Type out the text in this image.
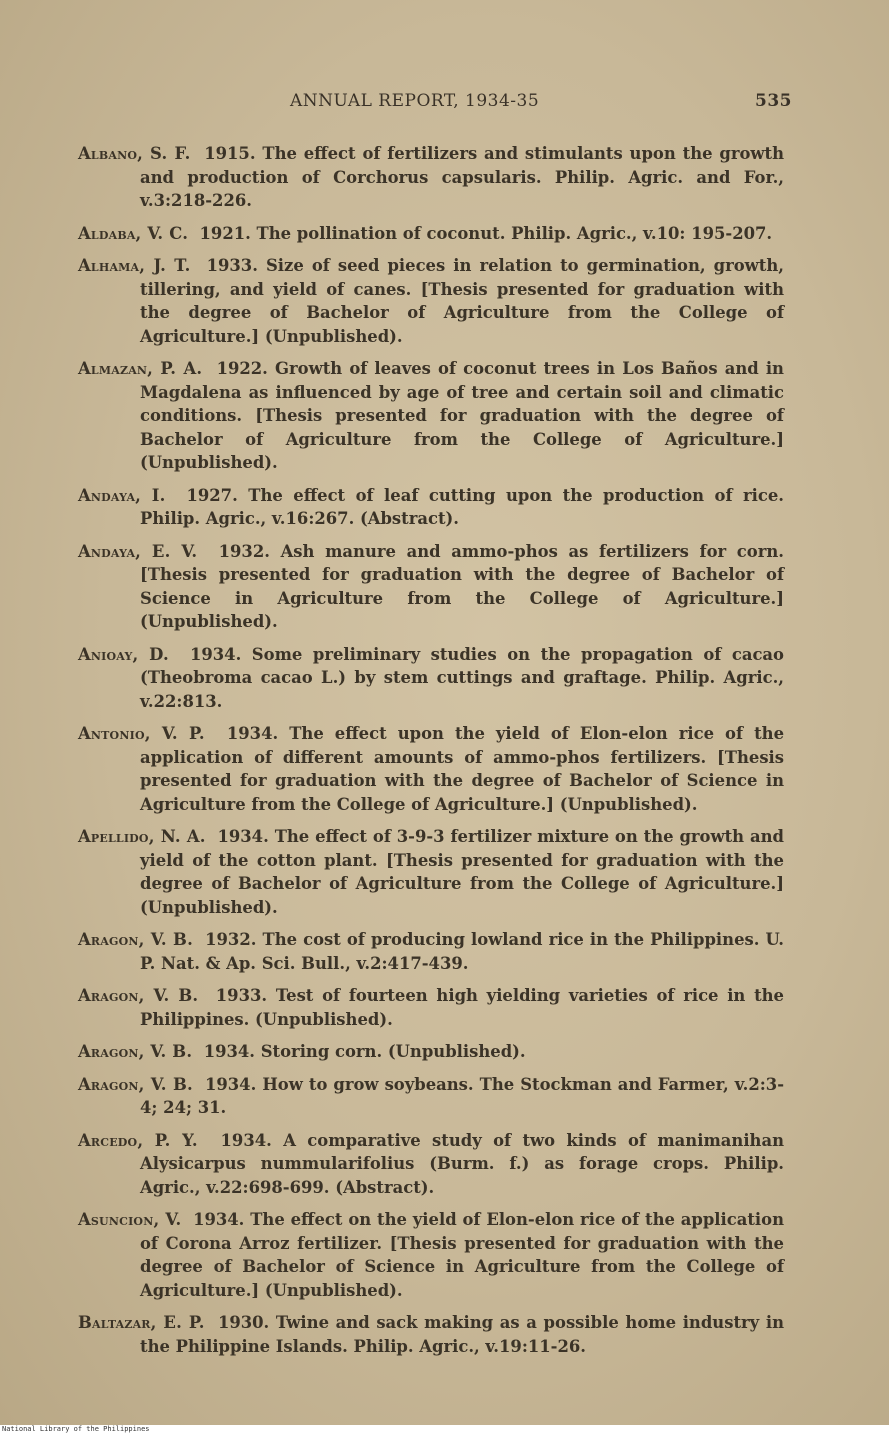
ANNUAL REPORT, 1934-35	535

Albano, S. F. 1915. The effect of fertilizers and stimulants upon the growth and production of Corchorus capsularis. Philip. Agric. and For., v.3:218-226.

Aldaba, V. C. 1921. The pollination of coconut. Philip. Agric., v.10: 195-207.

Alhama, J. T. 1933. Size of seed pieces in relation to germination, growth, tillering, and yield of canes. [Thesis presented for graduation with the degree of Bachelor of Agriculture from the College of Agriculture.] (Unpublished).

Almazan, P. A. 1922. Growth of leaves of coconut trees in Los Baños and in Magdalena as influenced by age of tree and certain soil and climatic conditions. [Thesis presented for graduation with the degree of Bachelor of Agriculture from the College of Agriculture.] (Unpublished).

Andaya, I. 1927. The effect of leaf cutting upon the production of rice. Philip. Agric., v.16:267. (Abstract).

Andaya, E. V. 1932. Ash manure and ammo-phos as fertilizers for corn. [Thesis presented for graduation with the degree of Bachelor of Science in Agriculture from the College of Agriculture.] (Unpublished).

Anioay, D. 1934. Some preliminary studies on the propagation of cacao (Theobroma cacao L.) by stem cuttings and graftage. Philip. Agric., v.22:813.

Antonio, V. P. 1934. The effect upon the yield of Elon-elon rice of the application of different amounts of ammo-phos fertilizers. [Thesis presented for graduation with the degree of Bachelor of Science in Agriculture from the College of Agriculture.] (Unpublished).

Apellido, N. A. 1934. The effect of 3-9-3 fertilizer mixture on the growth and yield of the cotton plant. [Thesis presented for graduation with the degree of Bachelor of Agriculture from the College of Agriculture.] (Unpublished).

Aragon, V. B. 1932. The cost of producing lowland rice in the Philippines. U. P. Nat. & Ap. Sci. Bull., v.2:417-439.

Aragon, V. B. 1933. Test of fourteen high yielding varieties of rice in the Philippines. (Unpublished).

Aragon, V. B. 1934. Storing corn. (Unpublished).

Aragon, V. B. 1934. How to grow soybeans. The Stockman and Farmer, v.2:3-4; 24; 31.

Arcedo, P. Y. 1934. A comparative study of two kinds of manimanihan Alysicarpus nummularifolius (Burm. f.) as forage crops. Philip. Agric., v.22:698-699. (Abstract).

Asuncion, V. 1934. The effect on the yield of Elon-elon rice of the application of Corona Arroz fertilizer. [Thesis presented for graduation with the degree of Bachelor of Science in Agriculture from the College of Agriculture.] (Unpublished).

Baltazar, E. P. 1930. Twine and sack making as a possible home industry in the Philippine Islands. Philip. Agric., v.19:11-26.

National Library of the Philippines
